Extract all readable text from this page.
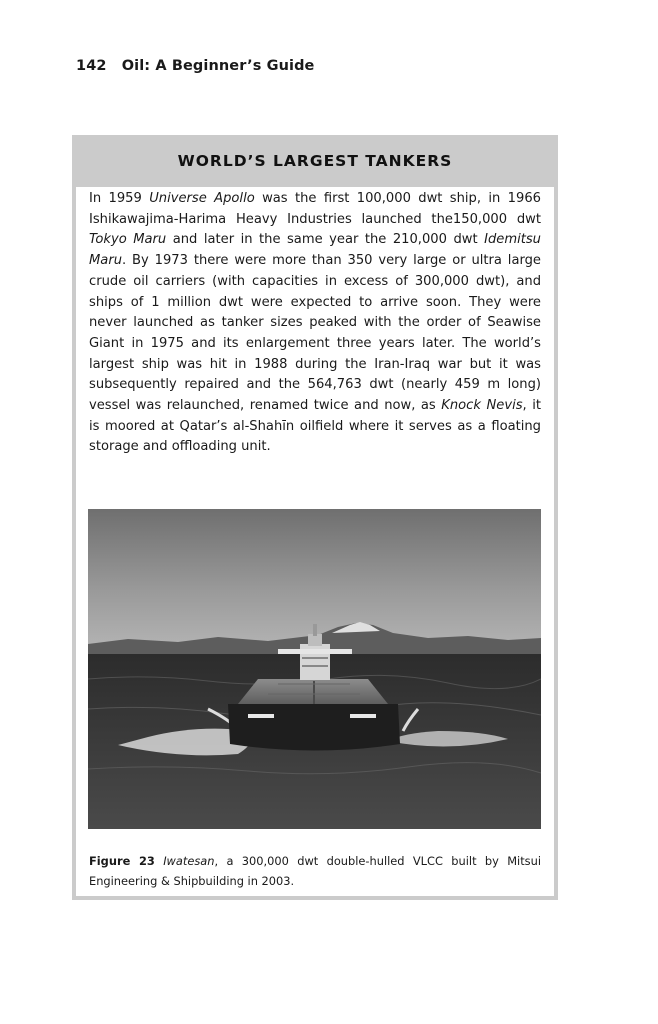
142 Oil: A Beginner’s Guide
WORLD’S LARGEST TANKERS

In 1959 Universe Apollo was the first 100,000 dwt ship, in 1966 Ishikawajima-Harima Heavy Industries launched the150,000 dwt Tokyo Maru and later in the same year the 210,000 dwt Idemitsu Maru. By 1973 there were more than 350 very large or ultra large crude oil carriers (with capacities in excess of 300,000 dwt), and ships of 1 million dwt were expected to arrive soon. They were never launched as tanker sizes peaked with the order of Seawise Giant in 1975 and its enlargement three years later. The world’s largest ship was hit in 1988 during the Iran-Iraq war but it was subsequently repaired and the 564,763 dwt (nearly 459 m long) vessel was relaunched, renamed twice and now, as Knock Nevis, it is moored at Qatar’s al-Shahīn oilfield where it serves as a floating storage and offloading unit.

Figure 23 Iwatesan, a 300,000 dwt double-hulled VLCC built by Mitsui Engineering & Shipbuilding in 2003.
